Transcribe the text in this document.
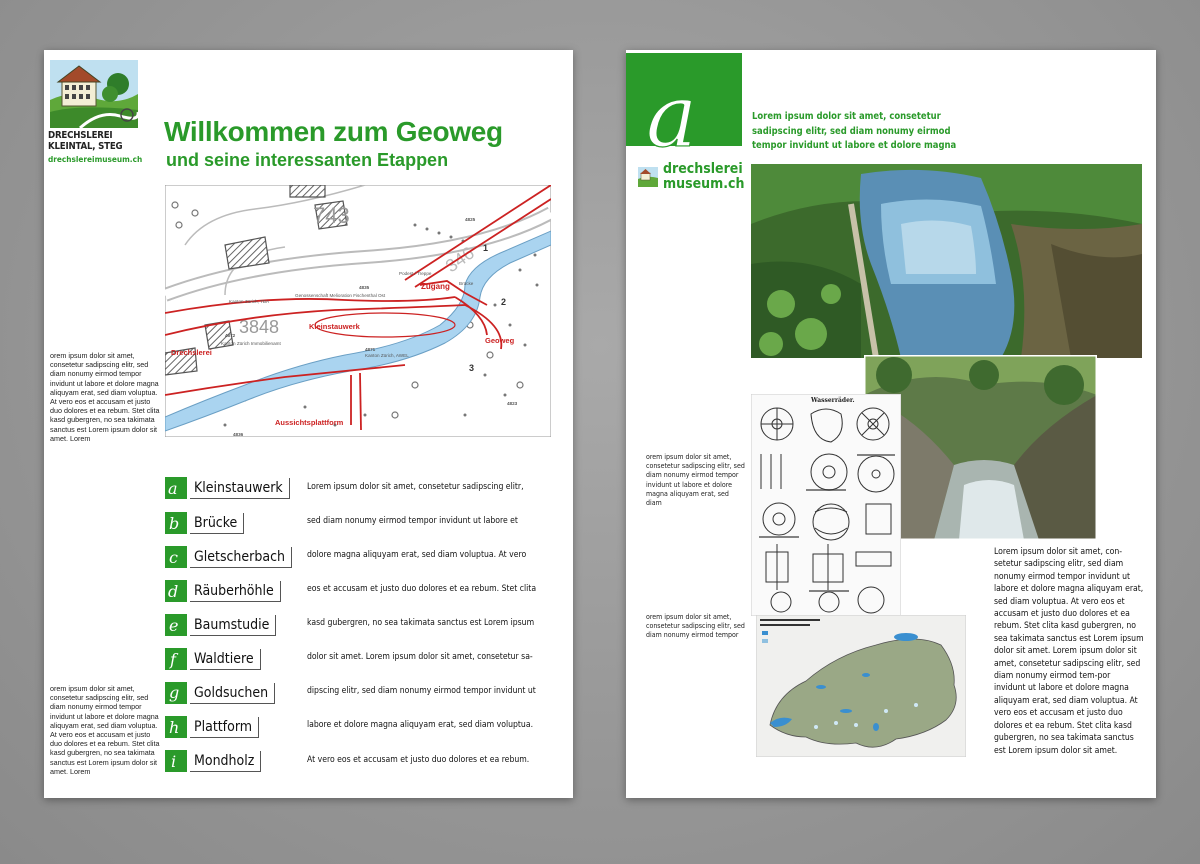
DRECHSLEREI
KLEINTAL, STEG
drechslereimuseum.ch
Willkommen zum Geoweg
und seine interessanten Etappen
743
3848
346
Zugang
Kleinstauwerk
Drechslerei
Geoweg
Aussichtsplattform
Podest / Treppe
Brücke
Kanton Zürich, TBA
Genossenschaft Melioration Fischenthal Ost
Kanton Zürich Immobilienamt
Kanton Zürich, AWEL
4835
4825
4872
4871
4823
4836
1
2
3
orem ipsum dolor sit amet, consetetur sadipscing elitr, sed diam nonumy eirmod tempor invidunt ut labore et dolore magna aliquyam erat, sed diam voluptua. At vero eos et accusam et justo duo dolores et ea rebum. Stet clita kasd gubergren, no sea takimata sanctus est Lorem ipsum dolor sit amet. Lorem
orem ipsum dolor sit amet, consetetur sadipscing elitr, sed diam nonumy eirmod tempor invidunt ut labore et dolore magna aliquyam erat, sed diam voluptua. At vero eos et accusam et justo duo dolores et ea rebum. Stet clita kasd gubergren, no sea takimata sanctus est Lorem ipsum dolor sit amet. Lorem
a Kleinstauwerk
b Brücke
c Gletscherbach
d Räuberhöhle
e Baumstudie
f Waldtiere
g Goldsuchen
h Plattform
i Mondholz
Lorem ipsum dolor sit amet, consetetur sadipscing elitr,
sed diam nonumy eirmod tempor invidunt ut labore et
dolore magna aliquyam erat, sed diam voluptua. At vero
eos et accusam et justo duo dolores et ea rebum. Stet clita
kasd gubergren, no sea takimata sanctus est Lorem ipsum
dolor sit amet. Lorem ipsum dolor sit amet, consetetur sa-
dipscing elitr, sed diam nonumy eirmod tempor invidunt ut
labore et dolore magna aliquyam erat, sed diam voluptua.
At vero eos et accusam et justo duo dolores et ea rebum.
a	Lorem ipsum dolor sit amet, consetetur sadipscing elitr, sed diam nonumy eirmod tempor invidunt ut labore et dolore magna
drechslerei
museum.ch
Wasserräder.
orem ipsum dolor sit amet, consetetur sadipscing elitr, sed diam nonumy eirmod tempor invidunt ut labore et dolore magna aliquyam erat, sed diam
orem ipsum dolor sit amet, consetetur sadipscing elitr, sed diam nonumy eirmod tempor
Lorem ipsum dolor sit amet, con-setetur sadipscing elitr, sed diam nonumy eirmod tempor invidunt ut labore et dolore magna aliquyam erat, sed diam voluptua. At vero eos et accusam et justo duo dolores et ea rebum. Stet clita kasd gubergren, no sea takimata sanctus est Lorem ipsum dolor sit amet. Lorem ipsum dolor sit amet, consetetur sadipscing elitr, sed diam nonumy eirmod tem-por invidunt ut labore et dolore magna aliquyam erat, sed diam voluptua. At vero eos et accusam et justo duo dolores et ea rebum. Stet clita kasd gubergren, no sea takimata sanctus est Lorem ipsum dolor sit amet.
